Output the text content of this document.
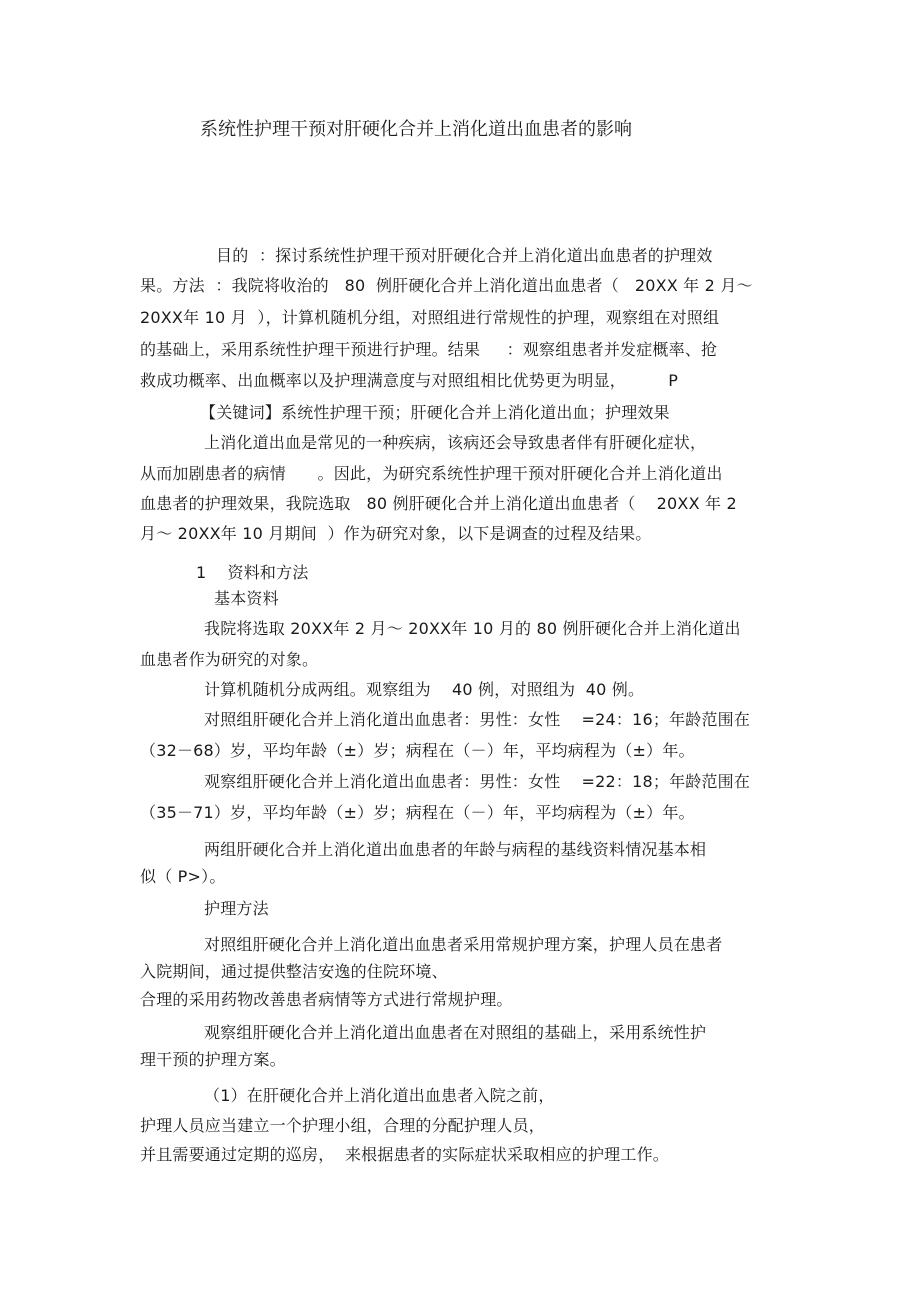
系统性护理干预对肝硬化合并上消化道出血患者的影响
目的  ：探讨系统性护理干预对肝硬化合并上消化道出血患者的护理效
果。方法  ：我院将收治的   80  例肝硬化合并上消化道出血患者（   20XX 年 2 月～
20XX年 10 月  ），计算机随机分组，对照组进行常规性的护理，观察组在对照组
的基础上，采用系统性护理干预进行护理。结果     ：观察组患者并发症概率、抢
救成功概率、出血概率以及护理满意度与对照组相比优势更为明显，        P
【关键词】系统性护理干预；肝硬化合并上消化道出血；护理效果
上消化道出血是常见的一种疾病，该病还会导致患者伴有肝硬化症状，
从而加剧患者的病情      。因此，为研究系统性护理干预对肝硬化合并上消化道出
血患者的护理效果，我院选取   80 例肝硬化合并上消化道出血患者（    20XX 年 2
月～ 20XX年 10 月期间  ）作为研究对象，以下是调查的过程及结果。
1    资料和方法
基本资料
我院将选取 20XX年 2 月～ 20XX年 10 月的 80 例肝硬化合并上消化道出
血患者作为研究的对象。
计算机随机分成两组。观察组为    40 例，对照组为  40 例。
对照组肝硬化合并上消化道出血患者：男性：女性    =24：16；年龄范围在
（32－68）岁，平均年龄（±）岁；病程在（－）年，平均病程为（±）年。
观察组肝硬化合并上消化道出血患者：男性：女性    =22：18；年龄范围在
（35－71）岁，平均年龄（±）岁；病程在（－）年，平均病程为（±）年。
两组肝硬化合并上消化道出血患者的年龄与病程的基线资料情况基本相
似（ P>）。
护理方法
对照组肝硬化合并上消化道出血患者采用常规护理方案，护理人员在患者
入院期间，通过提供整洁安逸的住院环境、
合理的采用药物改善患者病情等方式进行常规护理。
观察组肝硬化合并上消化道出血患者在对照组的基础上，采用系统性护
理干预的护理方案。
（1）在肝硬化合并上消化道出血患者入院之前，
护理人员应当建立一个护理小组，合理的分配护理人员，
并且需要通过定期的巡房，  来根据患者的实际症状采取相应的护理工作。
